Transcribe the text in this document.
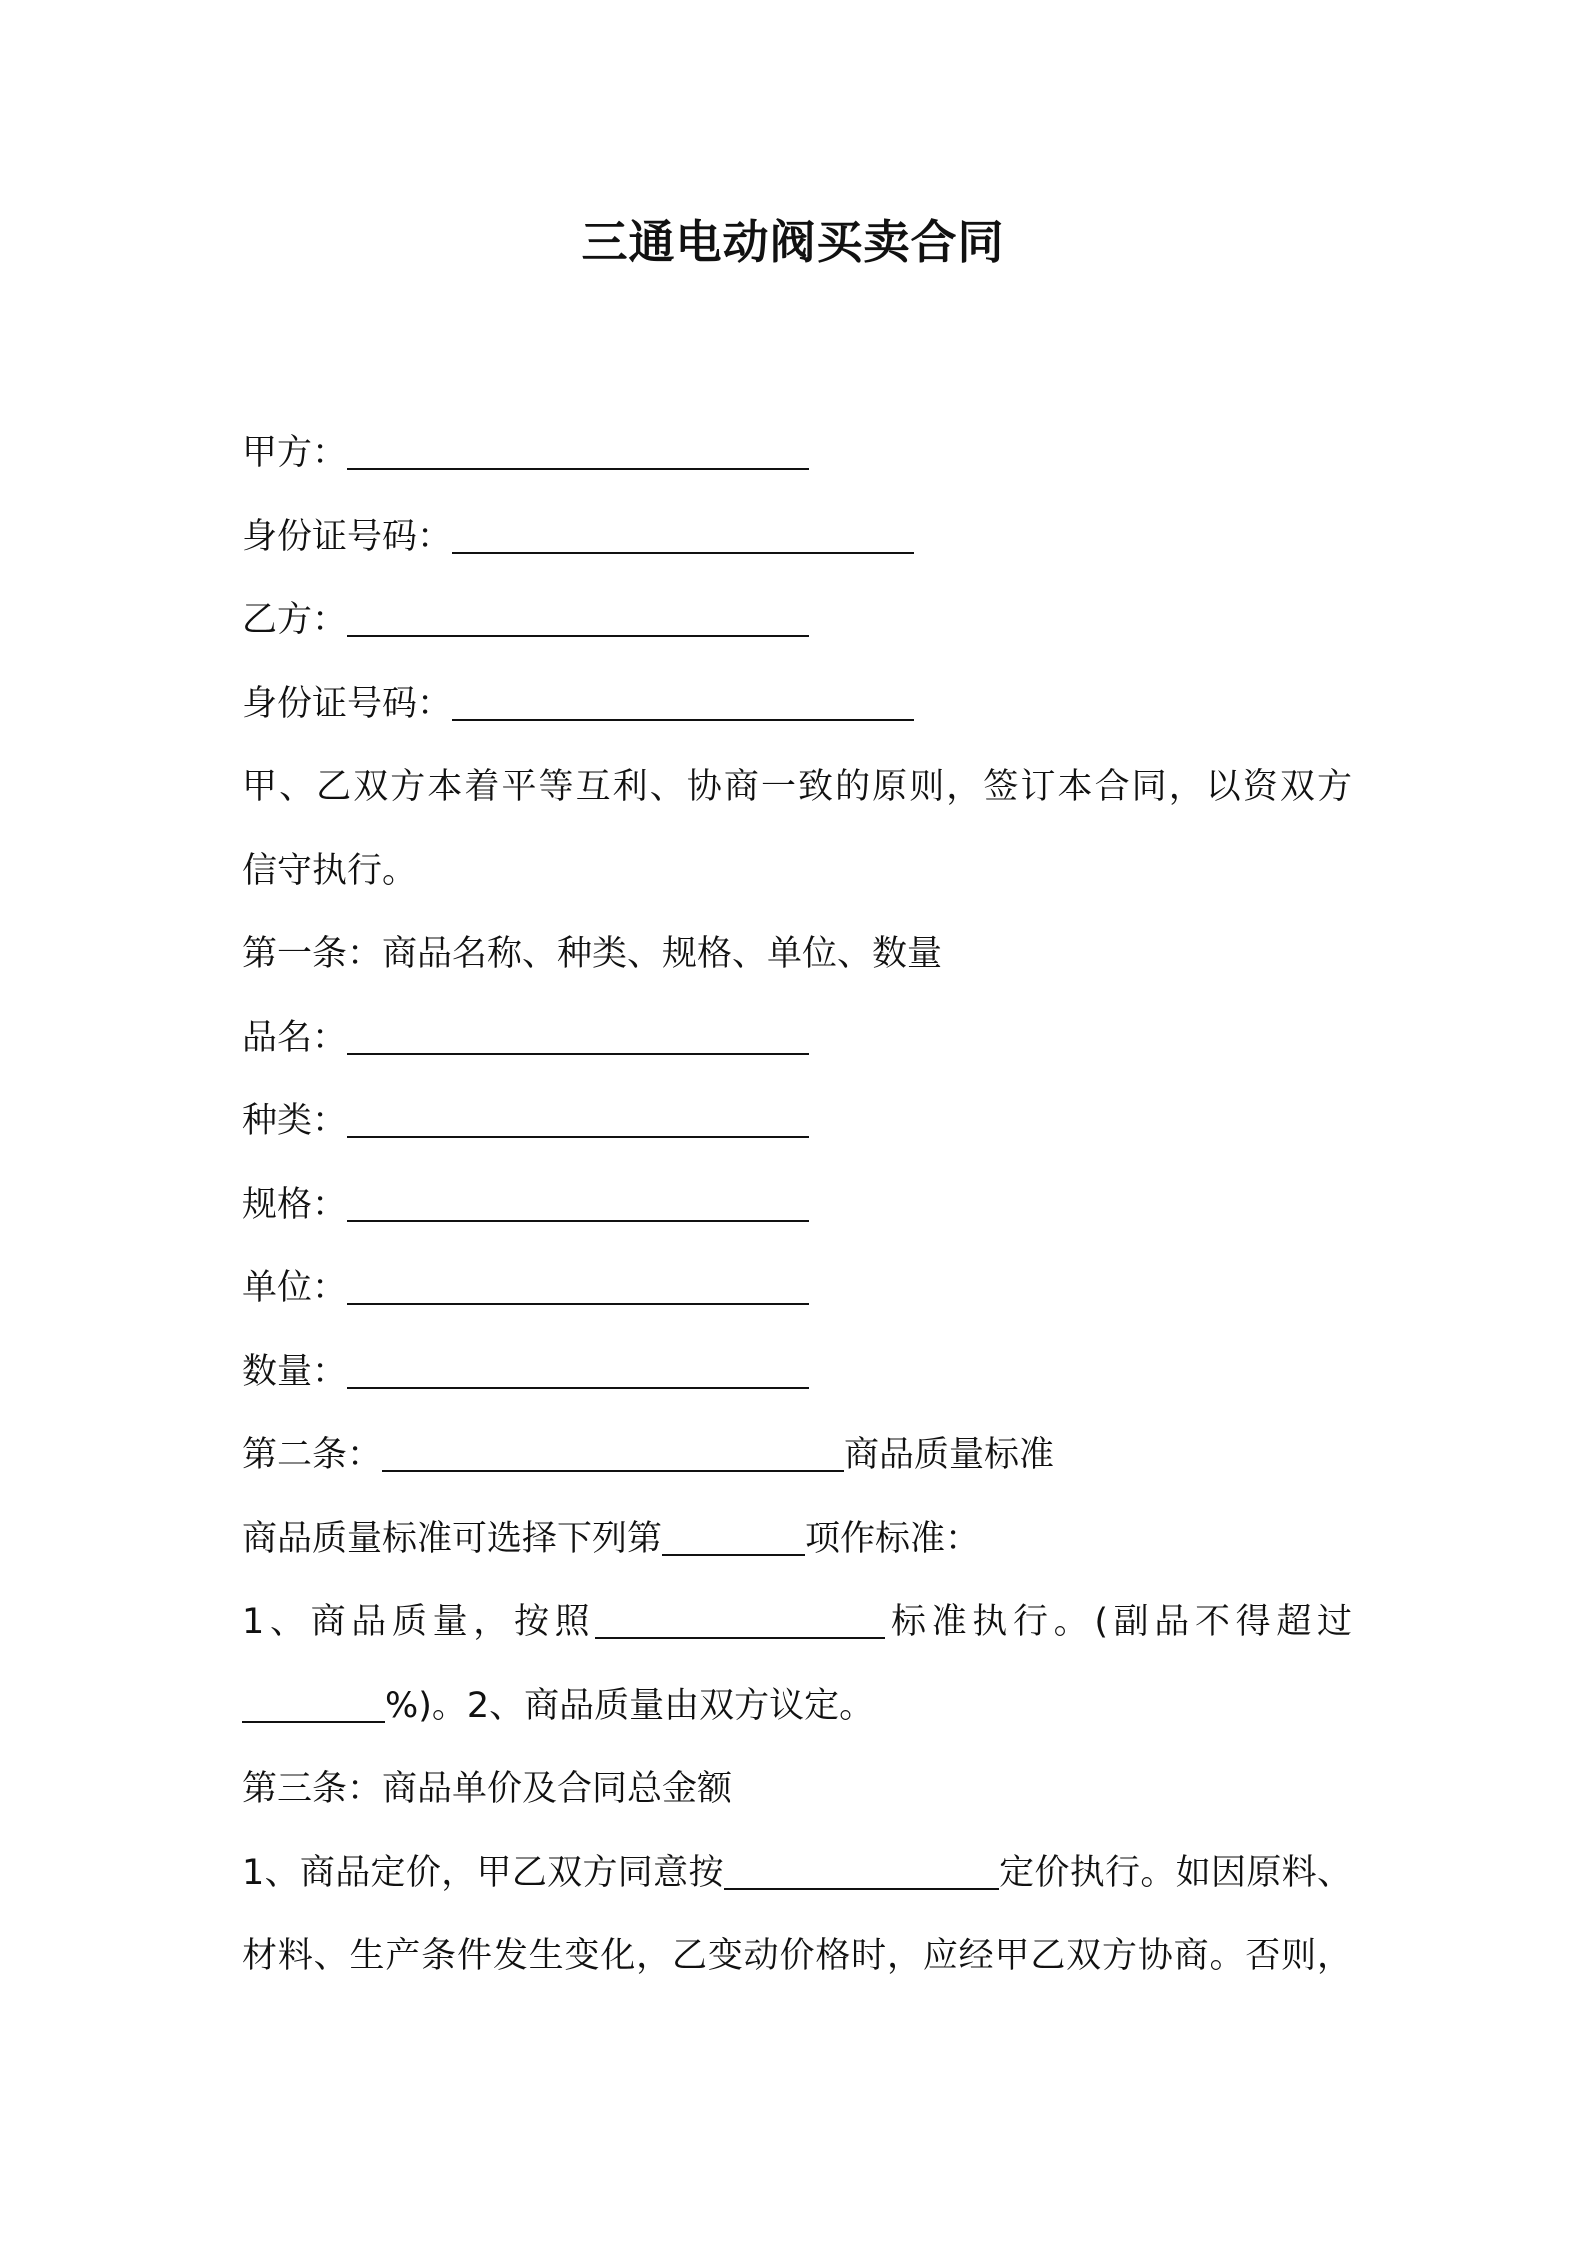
三通电动阀买卖合同
甲方：
身份证号码：
乙方：
身份证号码：
甲、乙双方本着平等互利、协商一致的原则，签订本合同，以资双方
信守执行。
第一条：商品名称、种类、规格、单位、数量
品名：
种类：
规格：
单位：
数量：
第二条：	商品质量标准
商品质量标准可选择下列第	项作标准：
1、商品质量，按照	标准执行。(副品不得超过
%)。2、商品质量由双方议定。
第三条：商品单价及合同总金额
1、商品定价，甲乙双方同意按	定价执行。如因原料、
材料、生产条件发生变化，乙变动价格时，应经甲乙双方协商。否则，
